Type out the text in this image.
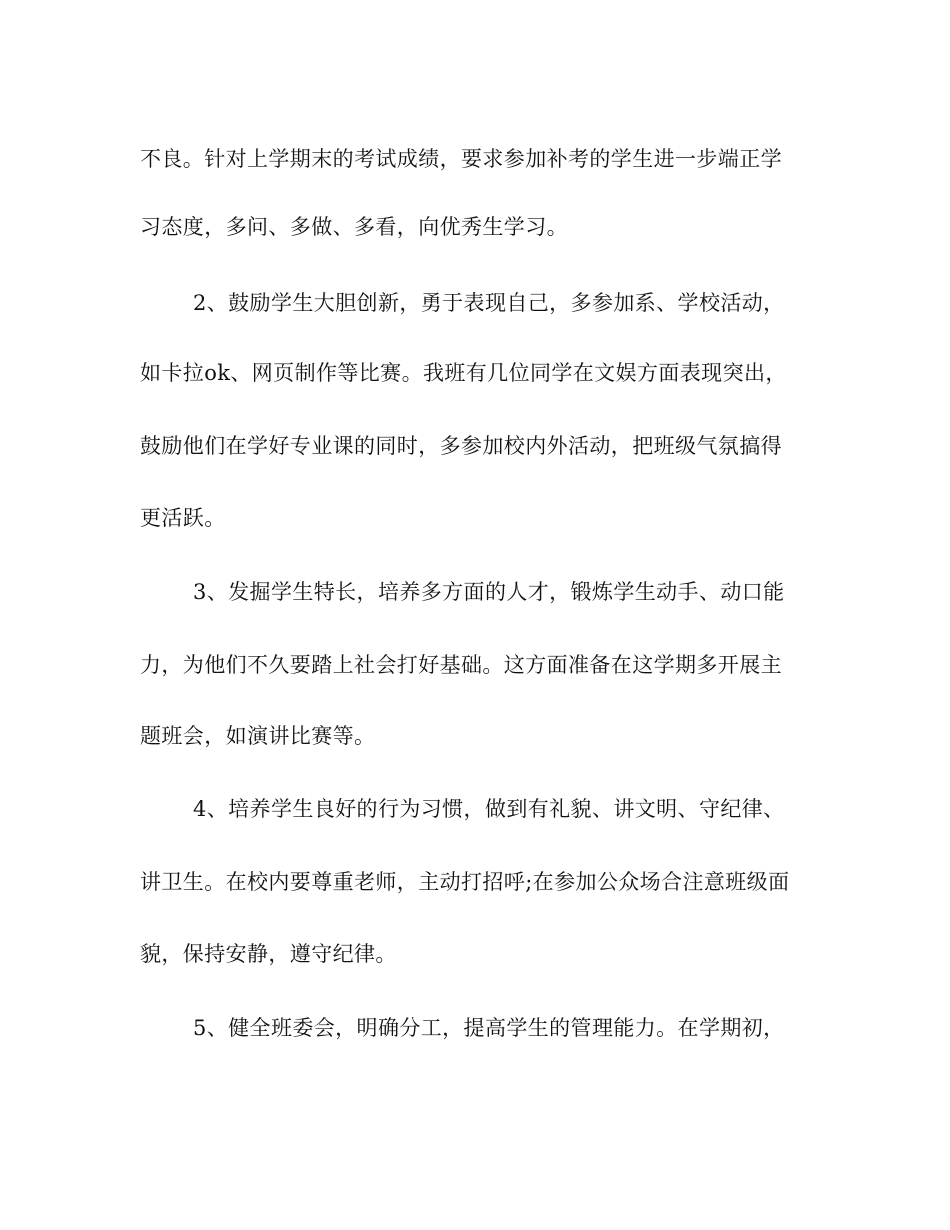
不良。针对上学期末的考试成绩，要求参加补考的学生进一步端正学
习态度，多问、多做、多看，向优秀生学习。
2、鼓励学生大胆创新，勇于表现自己，多参加系、学校活动，
如卡拉ok、网页制作等比赛。我班有几位同学在文娱方面表现突出，
鼓励他们在学好专业课的同时，多参加校内外活动，把班级气氛搞得
更活跃。
3、发掘学生特长，培养多方面的人才，锻炼学生动手、动口能
力，为他们不久要踏上社会打好基础。这方面准备在这学期多开展主
题班会，如演讲比赛等。
4、培养学生良好的行为习惯，做到有礼貌、讲文明、守纪律、
讲卫生。在校内要尊重老师，主动打招呼;在参加公众场合注意班级面
貌，保持安静，遵守纪律。
5、健全班委会，明确分工，提高学生的管理能力。在学期初，
